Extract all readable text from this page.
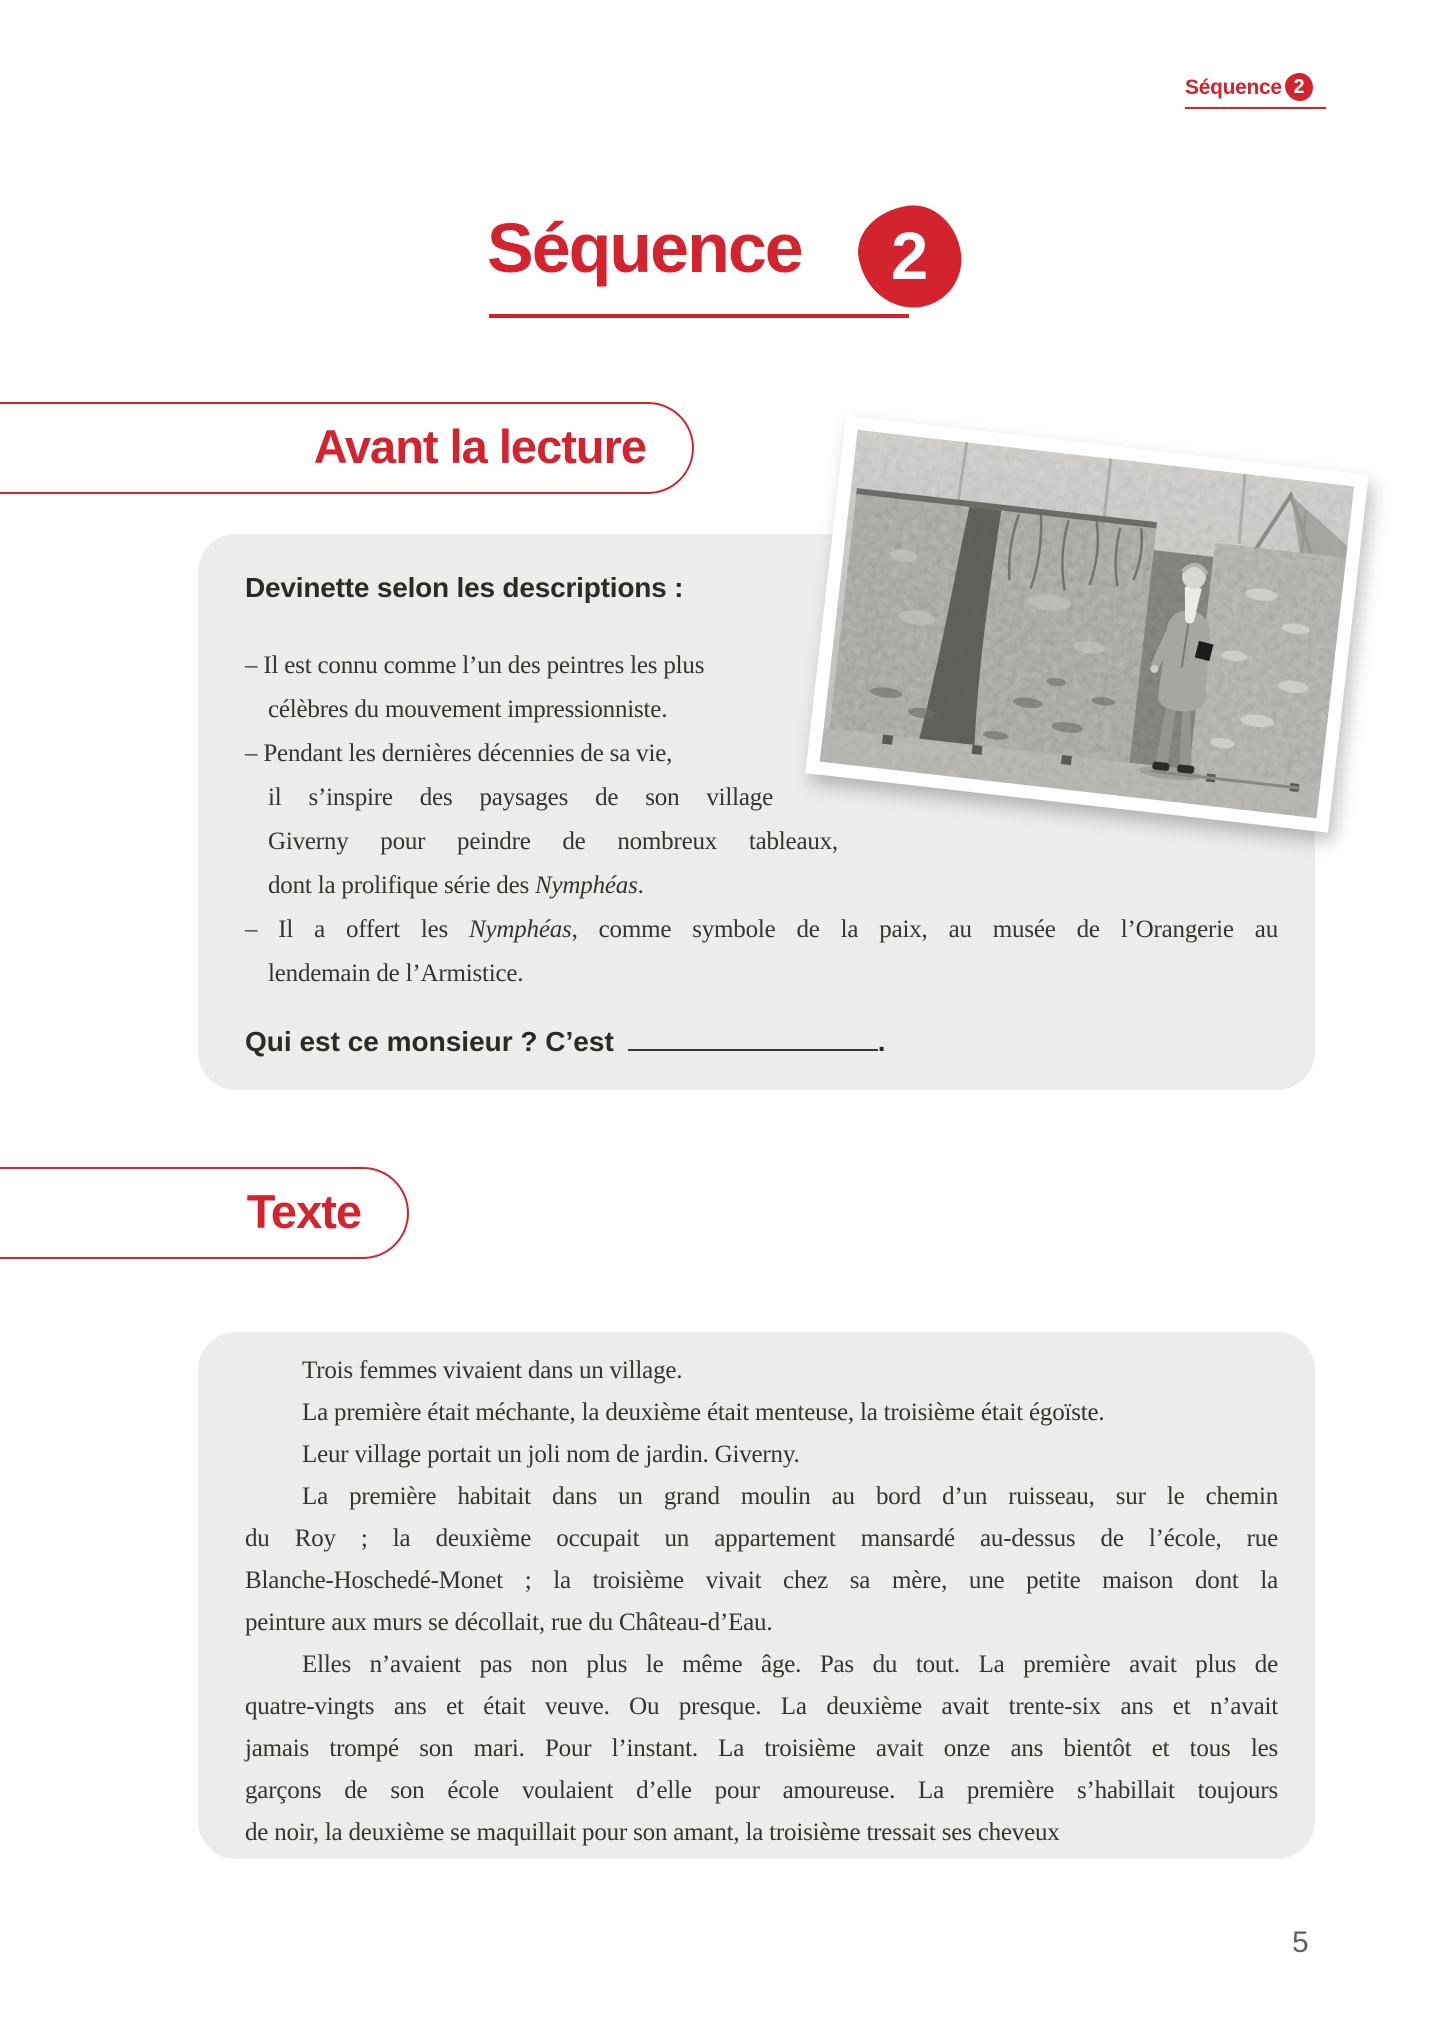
Séquence 2
Séquence	2
Avant la lecture

Devinette selon les descriptions :

– Il est connu comme l’un des peintres les plus
célèbres du mouvement impressionniste.
– Pendant les dernières décennies de sa vie,
il s’inspire des paysages de son village
Giverny pour peindre de nombreux tableaux,
dont la prolifique série des Nymphéas.
– Il a offert les Nymphéas, comme symbole de la paix, au musée de l’Orangerie au
lendemain de l’Armistice.
Qui est ce monsieur ? C’est	.
Texte
Trois femmes vivaient dans un village.
La première était méchante, la deuxième était menteuse, la troisième était égoïste.
Leur village portait un joli nom de jardin. Giverny.
La première habitait dans un grand moulin au bord d’un ruisseau, sur le chemin
du Roy ; la deuxième occupait un appartement mansardé au-dessus de l’école, rue
Blanche-Hoschedé-Monet ; la troisième vivait chez sa mère, une petite maison dont la
peinture aux murs se décollait, rue du Château-d’Eau.
Elles n’avaient pas non plus le même âge. Pas du tout. La première avait plus de
quatre-vingts ans et était veuve. Ou presque. La deuxième avait trente-six ans et n’avait
jamais trompé son mari. Pour l’instant. La troisième avait onze ans bientôt et tous les
garçons de son école voulaient d’elle pour amoureuse. La première s’habillait toujours
de noir, la deuxième se maquillait pour son amant, la troisième tressait ses cheveux
5
